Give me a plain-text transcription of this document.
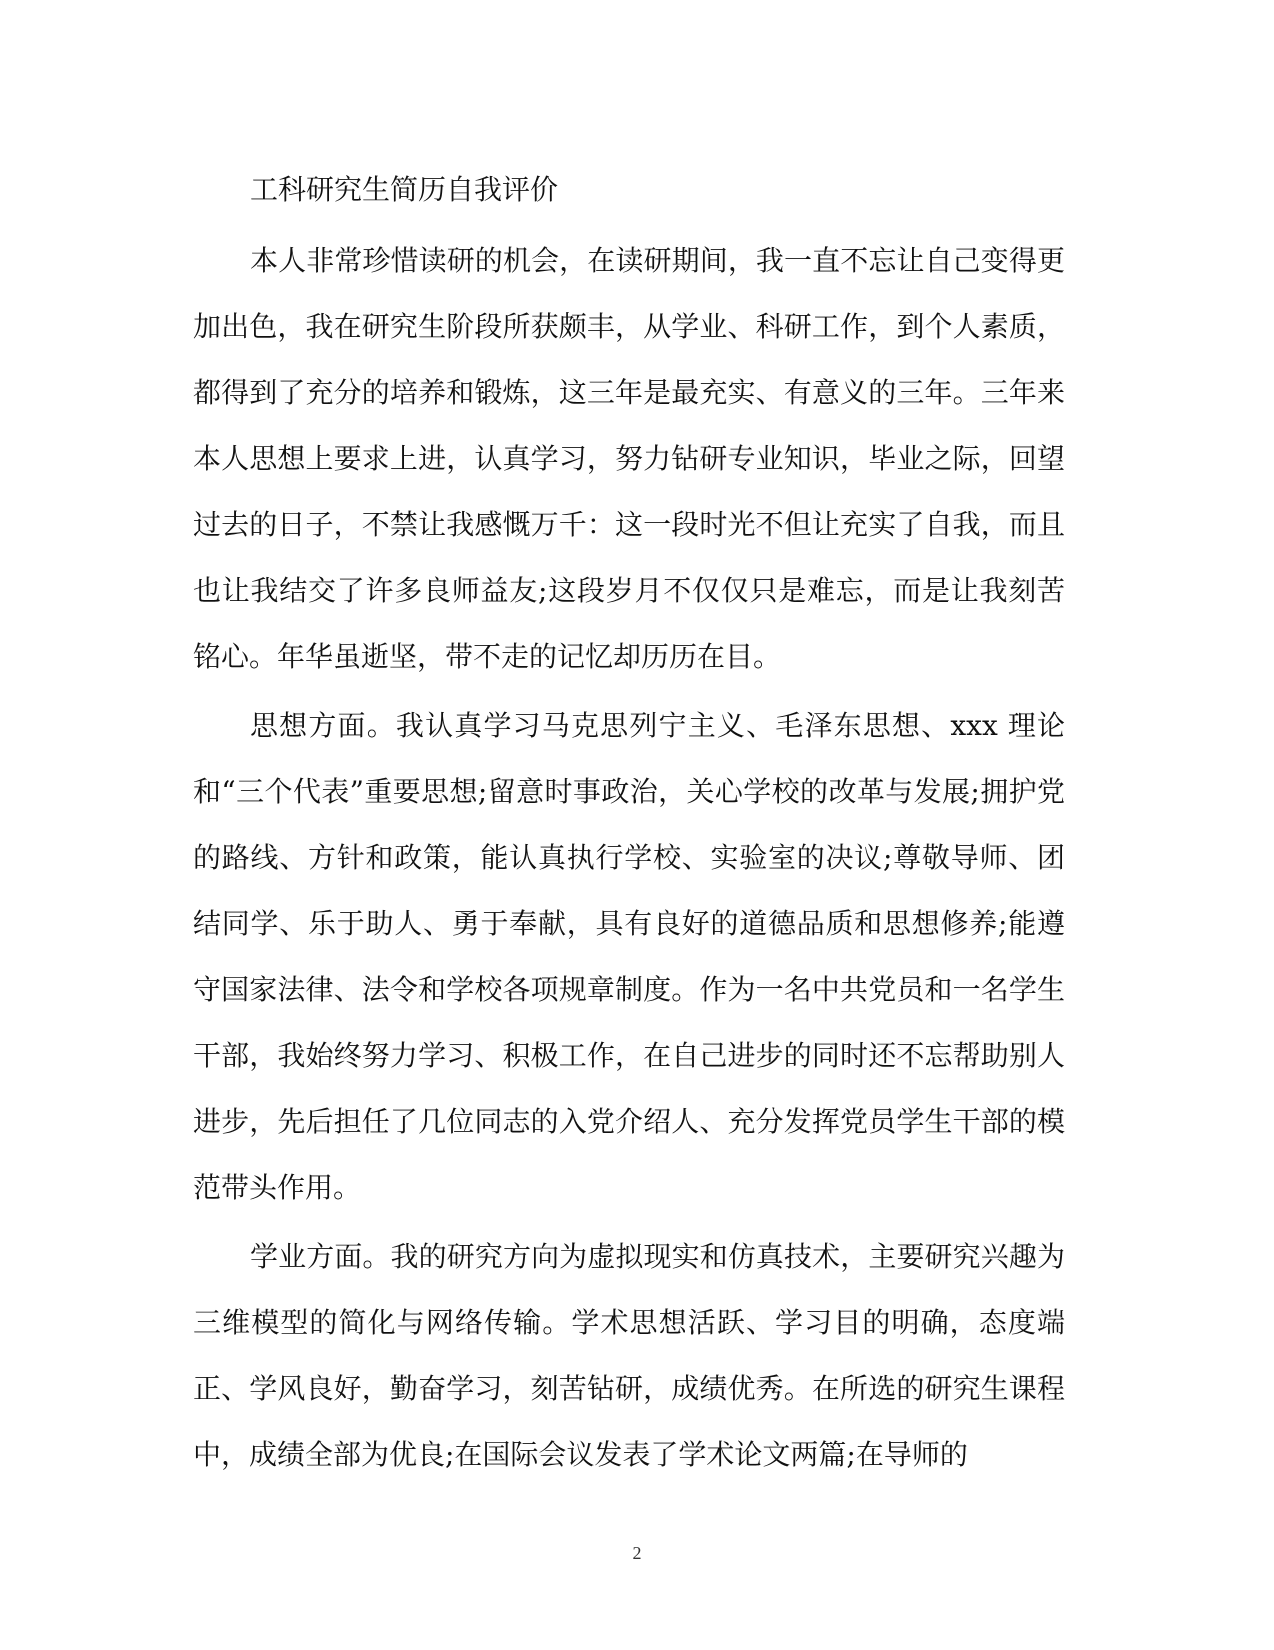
工科研究生简历自我评价

本人非常珍惜读研的机会，在读研期间，我一直不忘让自己变得更加出色，我在研究生阶段所获颇丰，从学业、科研工作，到个人素质，都得到了充分的培养和锻炼，这三年是最充实、有意义的三年。三年来本人思想上要求上进，认真学习，努力钻研专业知识，毕业之际，回望过去的日子，不禁让我感慨万千：这一段时光不但让充实了自我，而且也让我结交了许多良师益友;这段岁月不仅仅只是难忘，而是让我刻苦铭心。年华虽逝坚，带不走的记忆却历历在目。

思想方面。我认真学习马克思列宁主义、毛泽东思想、xxx 理论和“三个代表”重要思想;留意时事政治，关心学校的改革与发展;拥护党的路线、方针和政策，能认真执行学校、实验室的决议;尊敬导师、团结同学、乐于助人、勇于奉献，具有良好的道德品质和思想修养;能遵守国家法律、法令和学校各项规章制度。作为一名中共党员和一名学生干部，我始终努力学习、积极工作，在自己进步的同时还不忘帮助别人进步，先后担任了几位同志的入党介绍人、充分发挥党员学生干部的模范带头作用。

学业方面。我的研究方向为虚拟现实和仿真技术，主要研究兴趣为三维模型的简化与网络传输。学术思想活跃、学习目的明确，态度端正、学风良好，勤奋学习，刻苦钻研，成绩优秀。在所选的研究生课程中，成绩全部为优良;在国际会议发表了学术论文两篇;在导师的

2
